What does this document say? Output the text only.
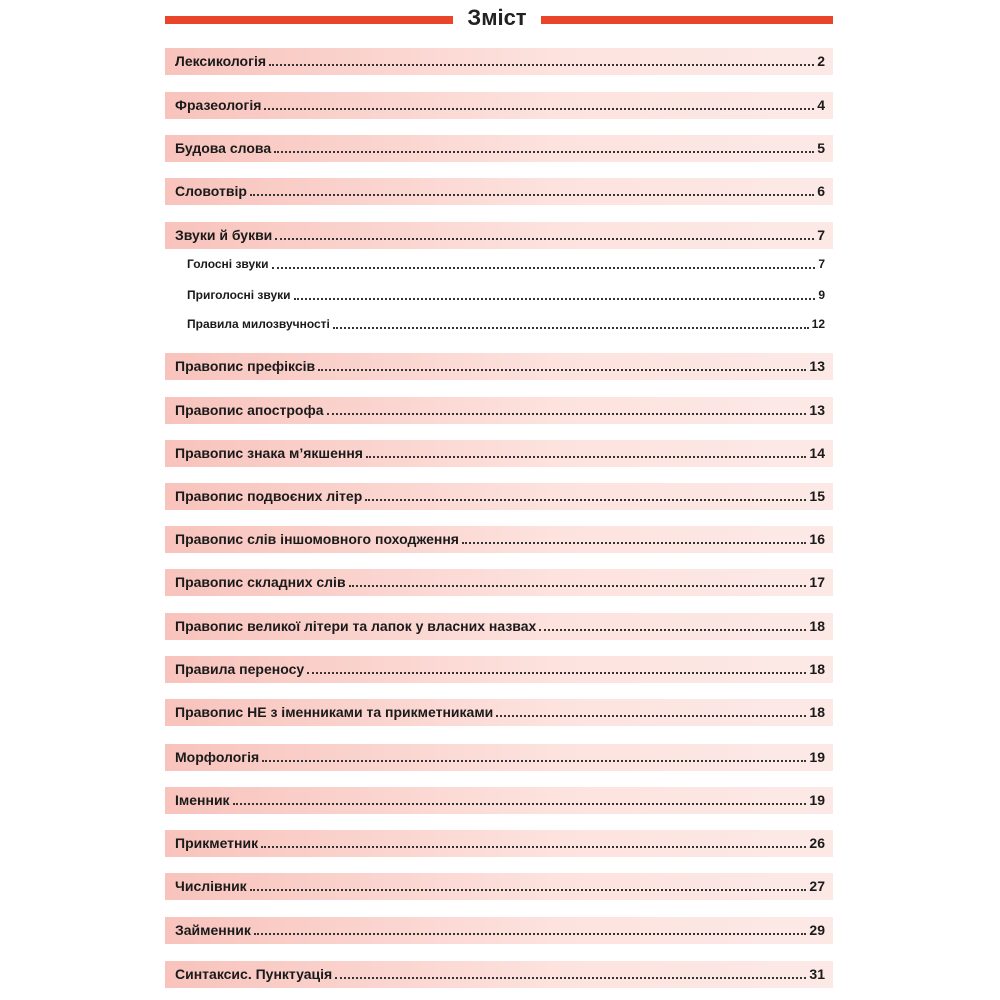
Зміст
Лексикологія	2
Фразеологія	4
Будова слова	5
Словотвір	6
Звуки й букви	7
Голосні звуки	7
Приголосні звуки	9
Правила милозвучності	12
Правопис префіксів	13
Правопис апострофа	13
Правопис знака м’якшення	14
Правопис подвоєних літер	15
Правопис слів іншомовного походження	16
Правопис складних слів	17
Правопис великої літери та лапок у власних назвах	18
Правила переносу	18
Правопис НЕ з іменниками та прикметниками	18
Морфологія	19
Іменник	19
Прикметник	26
Числівник	27
Займенник	29
Синтаксис. Пунктуація	31
